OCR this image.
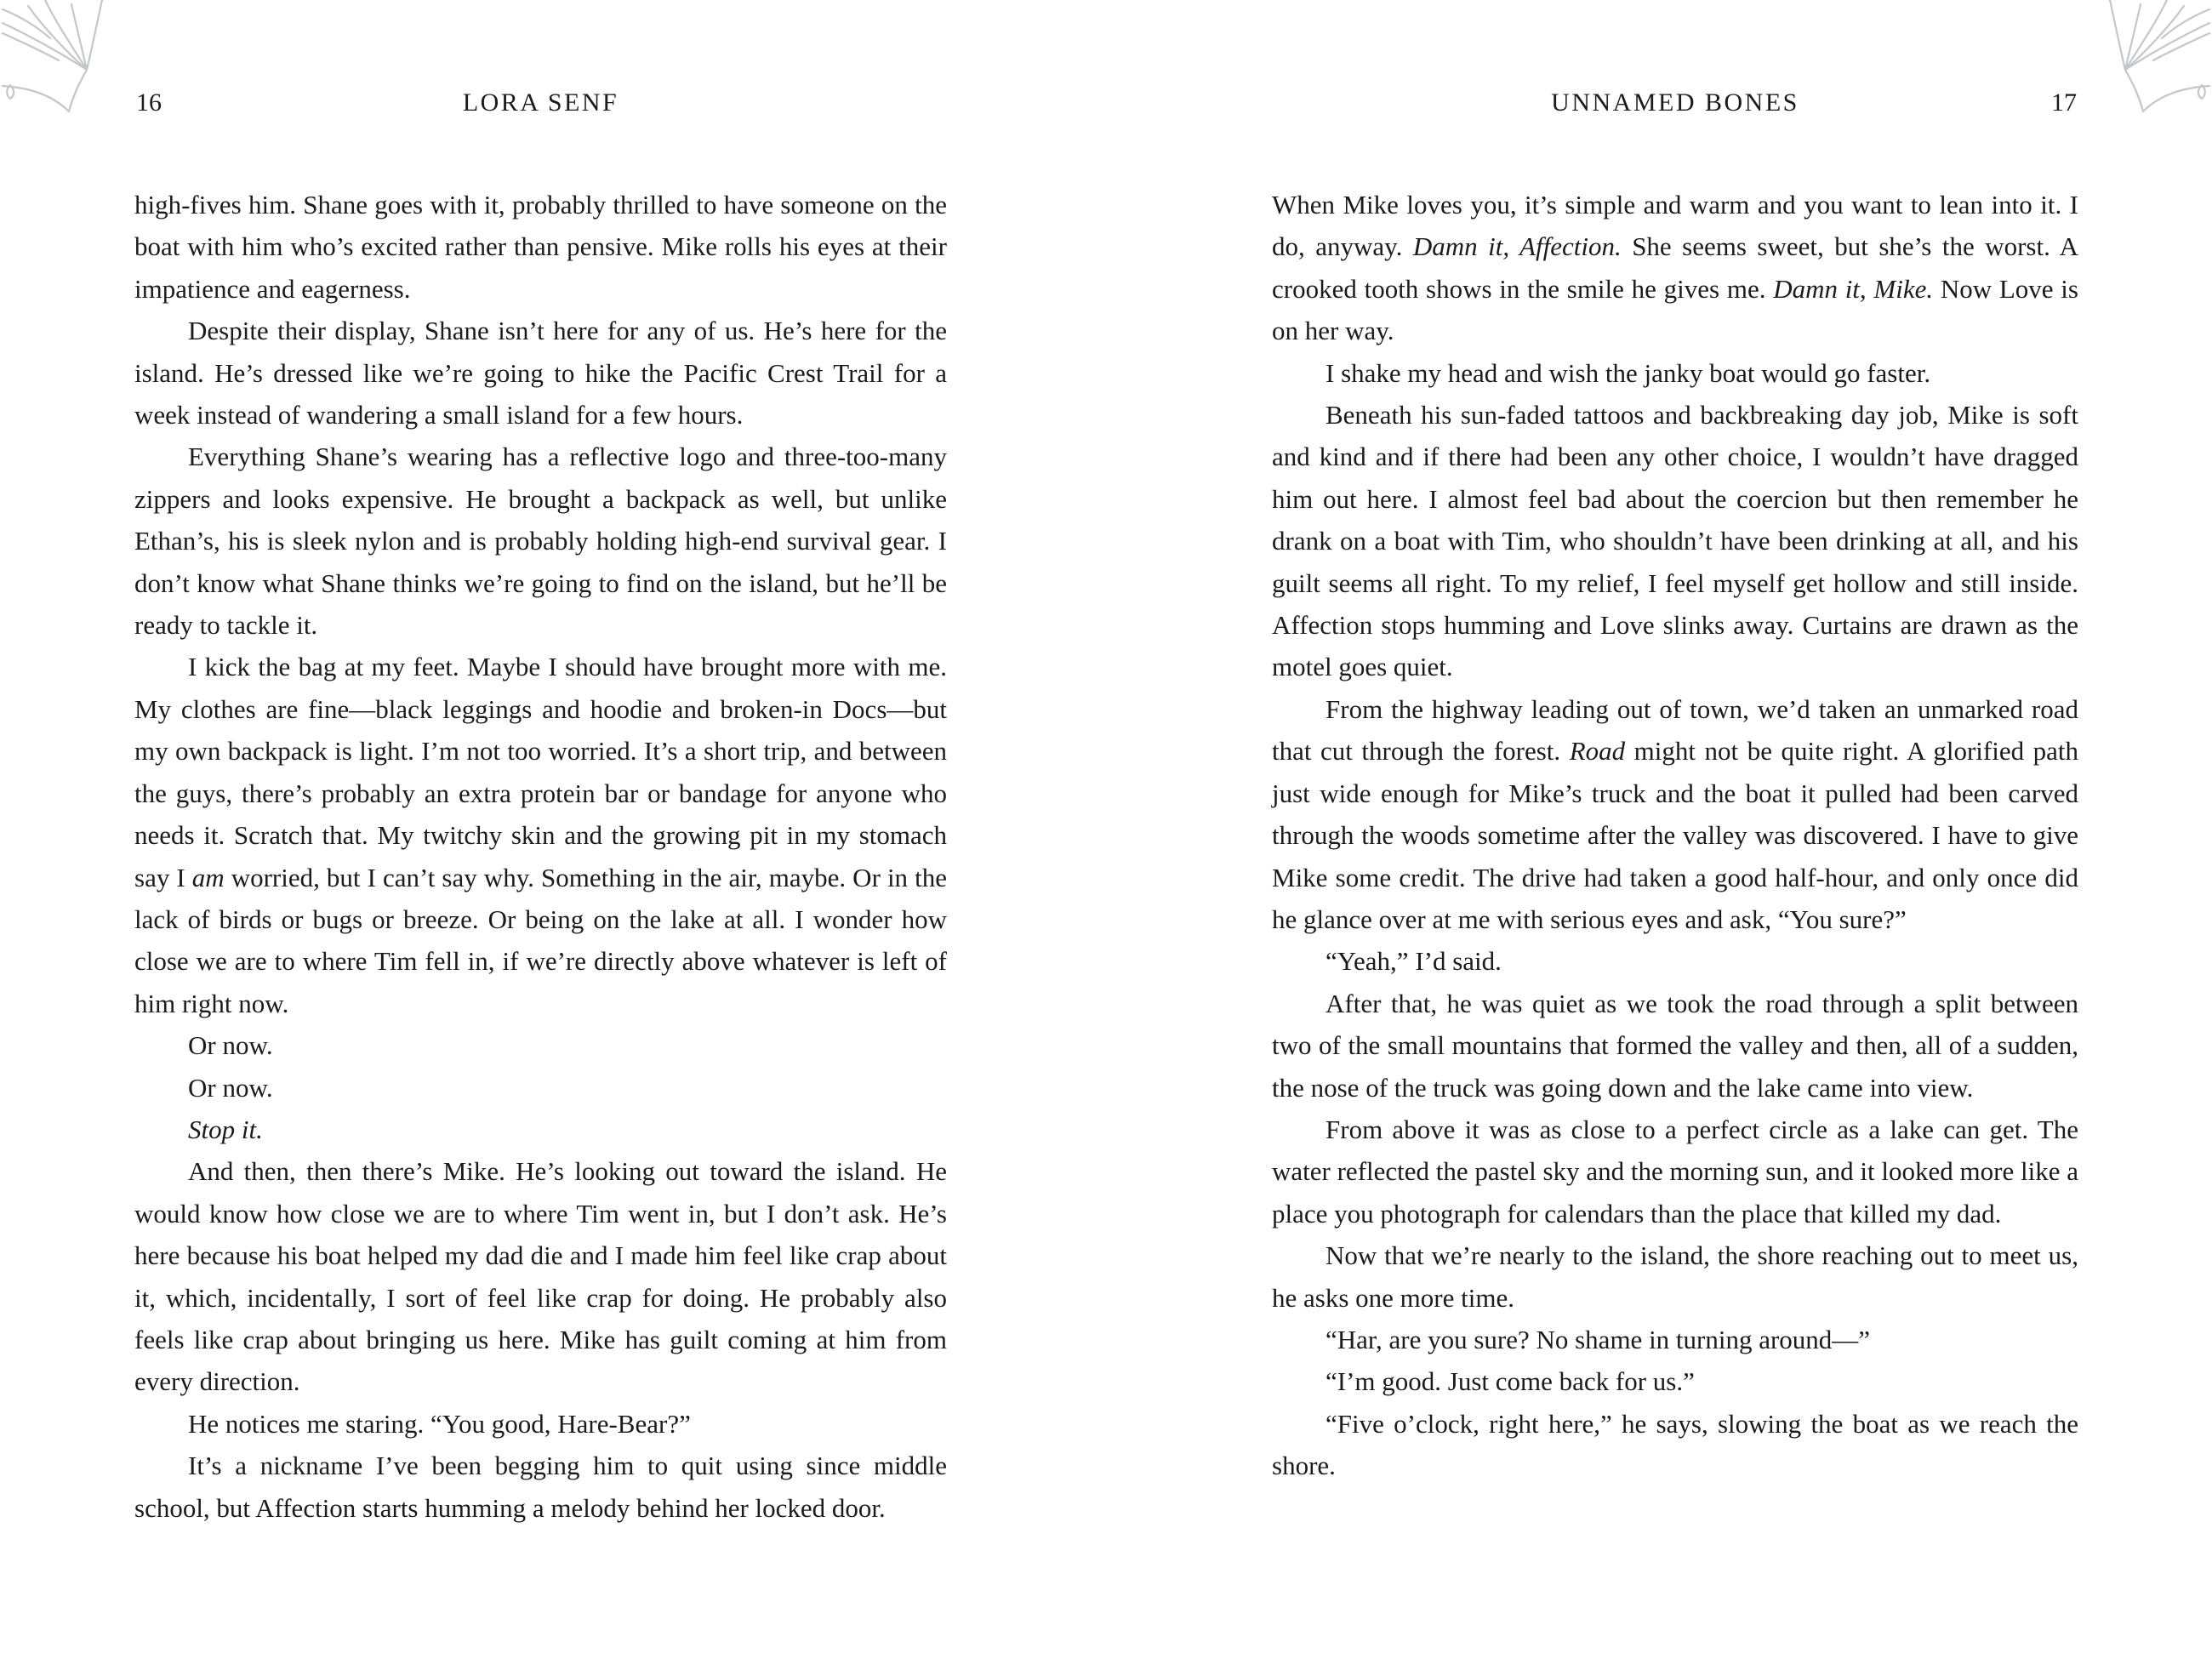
16	LORA SENF

high-fives him. Shane goes with it, probably thrilled to have someone on the boat with him who’s excited rather than pensive. Mike rolls his eyes at their impatience and eagerness.

Despite their display, Shane isn’t here for any of us. He’s here for the island. He’s dressed like we’re going to hike the Pacific Crest Trail for a week instead of wandering a small island for a few hours.

Everything Shane’s wearing has a reflective logo and three-too-many zippers and looks expensive. He brought a backpack as well, but unlike Ethan’s, his is sleek nylon and is probably holding high-end survival gear. I don’t know what Shane thinks we’re going to find on the island, but he’ll be ready to tackle it.

I kick the bag at my feet. Maybe I should have brought more with me. My clothes are fine—black leggings and hoodie and broken-in Docs—but my own backpack is light. I’m not too worried. It’s a short trip, and between the guys, there’s probably an extra protein bar or bandage for anyone who needs it. Scratch that. My twitchy skin and the growing pit in my stomach say I am worried, but I can’t say why. Something in the air, maybe. Or in the lack of birds or bugs or breeze. Or being on the lake at all. I wonder how close we are to where Tim fell in, if we’re directly above whatever is left of him right now.

Or now.

Or now.

Stop it.

And then, then there’s Mike. He’s looking out toward the island. He would know how close we are to where Tim went in, but I don’t ask. He’s here because his boat helped my dad die and I made him feel like crap about it, which, incidentally, I sort of feel like crap for doing. He probably also feels like crap about bringing us here. Mike has guilt coming at him from every direction.

He notices me staring. “You good, Hare-Bear?”

It’s a nickname I’ve been begging him to quit using since middle school, but Affection starts humming a melody behind her locked door.

UNNAMED BONES	17

When Mike loves you, it’s simple and warm and you want to lean into it. I do, anyway. Damn it, Affection. She seems sweet, but she’s the worst. A crooked tooth shows in the smile he gives me. Damn it, Mike. Now Love is on her way.

I shake my head and wish the janky boat would go faster.

Beneath his sun-faded tattoos and backbreaking day job, Mike is soft and kind and if there had been any other choice, I wouldn’t have dragged him out here. I almost feel bad about the coercion but then remember he drank on a boat with Tim, who shouldn’t have been drinking at all, and his guilt seems all right. To my relief, I feel myself get hollow and still inside. Affection stops humming and Love slinks away. Curtains are drawn as the motel goes quiet.

From the highway leading out of town, we’d taken an unmarked road that cut through the forest. Road might not be quite right. A glorified path just wide enough for Mike’s truck and the boat it pulled had been carved through the woods sometime after the valley was discovered. I have to give Mike some credit. The drive had taken a good half-hour, and only once did he glance over at me with serious eyes and ask, “You sure?”

“Yeah,” I’d said.

After that, he was quiet as we took the road through a split between two of the small mountains that formed the valley and then, all of a sudden, the nose of the truck was going down and the lake came into view.

From above it was as close to a perfect circle as a lake can get. The water reflected the pastel sky and the morning sun, and it looked more like a place you photograph for calendars than the place that killed my dad.

Now that we’re nearly to the island, the shore reaching out to meet us, he asks one more time.

“Har, are you sure? No shame in turning around—”

“I’m good. Just come back for us.”

“Five o’clock, right here,” he says, slowing the boat as we reach the shore.
